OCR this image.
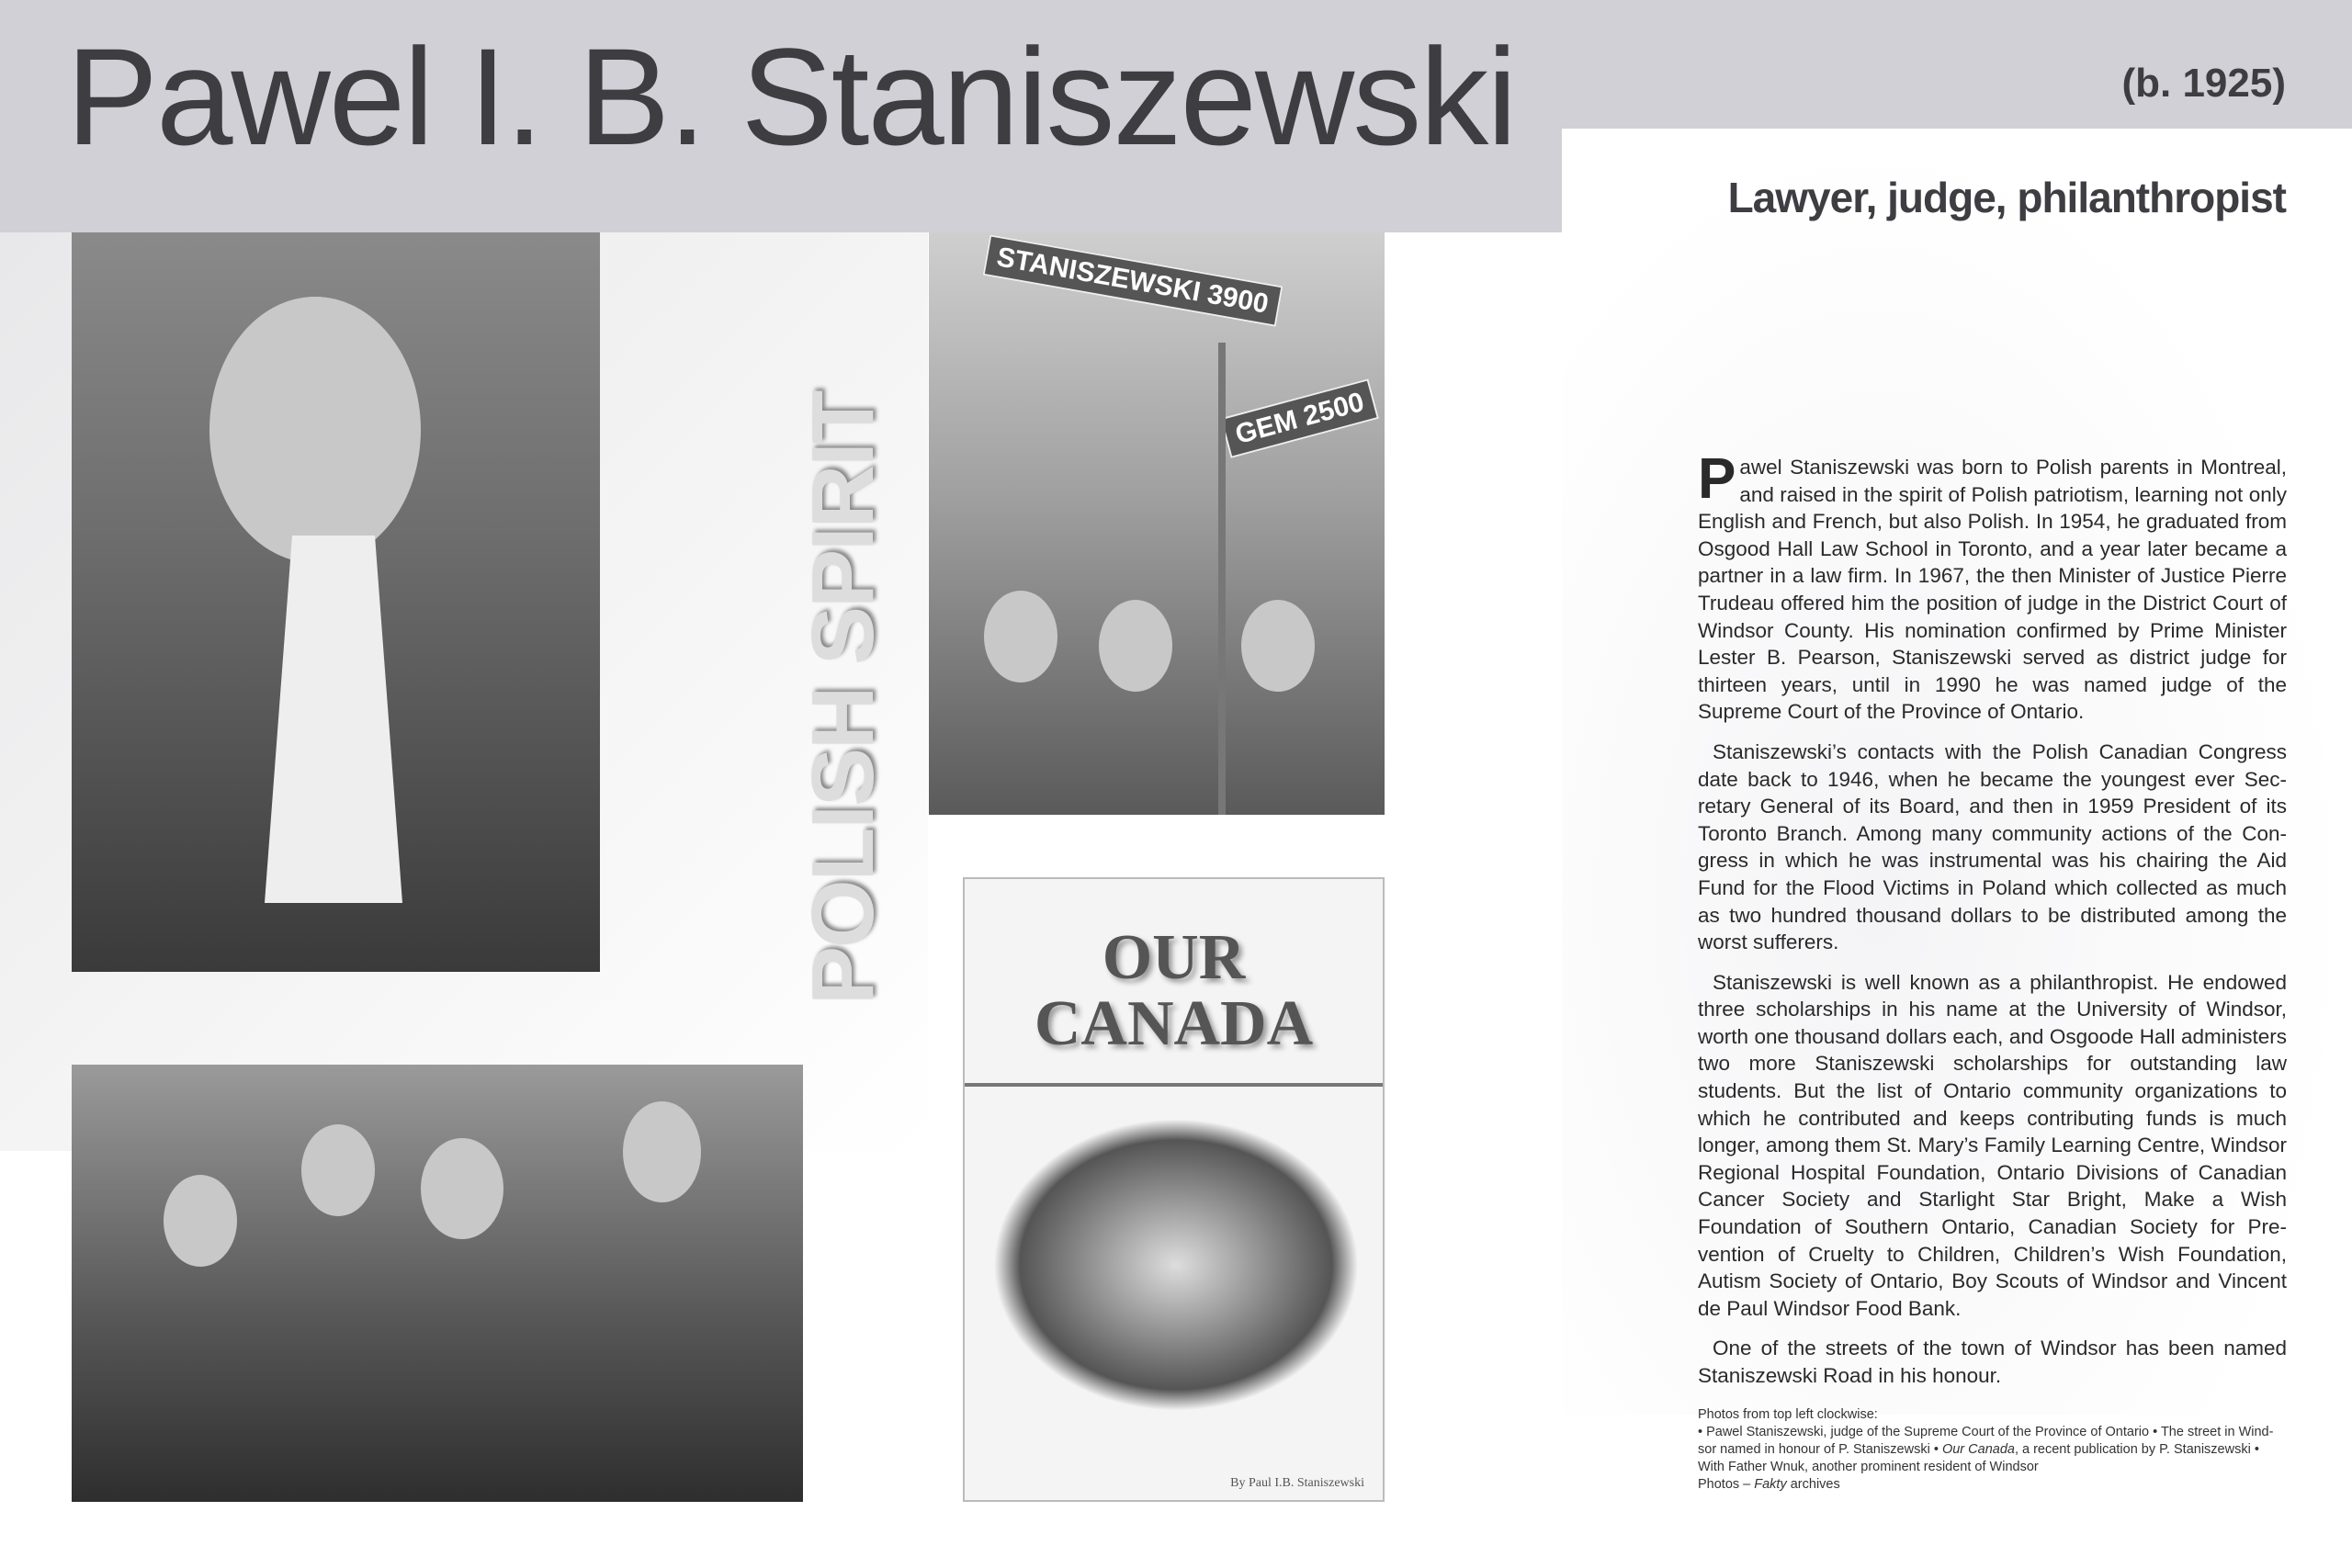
Pawel I. B. Staniszewski	(b. 1925)
Lawyer, judge, philanthropist
POLISH SPIRIT
STANISZEWSKI 3900
GEM 2500
OUR
CANADA
By Paul I.B. Staniszewski

Pawel Staniszewski was born to Polish parents in Montreal, and raised in the spirit of Polish patriotism, learning not only English and French, but also Polish. In 1954, he graduated from Osgood Hall Law School in Toronto, and a year later became a partner in a law firm. In 1967, the then Minister of Justice Pierre Trudeau offered him the position of judge in the District Court of Windsor County. His nomination confirmed by Prime Minister Lester B. Pearson, Staniszewski served as district judge for thirteen years, until in 1990 he was named judge of the Supreme Court of the Province of Ontario.

Staniszewski’s contacts with the Polish Canadian Congress date back to 1946, when he became the youngest ever Secretary General of its Board, and then in 1959 President of its Toronto Branch. Among many community actions of the Congress in which he was instrumental was his chairing the Aid Fund for the Flood Victims in Poland which collected as much as two hundred thousand dollars to be distributed among the worst sufferers.

Staniszewski is well known as a philanthropist. He endowed three scholarships in his name at the University of Windsor, worth one thousand dollars each, and Osgoode Hall administers two more Staniszewski scholarships for outstanding law students. But the list of Ontario community organizations to which he contributed and keeps contributing funds is much longer, among them St. Mary’s Family Learning Centre, Windsor Regional Hospital Foundation, Ontario Divisions of Canadian Cancer Society and Starlight Star Bright, Make a Wish Foundation of Southern Ontario, Canadian Society for Prevention of Cruelty to Children, Children’s Wish Foundation, Autism Society of Ontario, Boy Scouts of Windsor and Vincent de Paul Windsor Food Bank.

One of the streets of the town of Windsor has been named Staniszewski Road in his honour.

Photos from top left clockwise:
• Pawel Staniszewski, judge of the Supreme Court of the Province of Ontario • The street in Windsor named in honour of P. Staniszewski • Our Canada, a recent publication by P. Staniszewski • With Father Wnuk, another prominent resident of Windsor
Photos – Fakty archives
